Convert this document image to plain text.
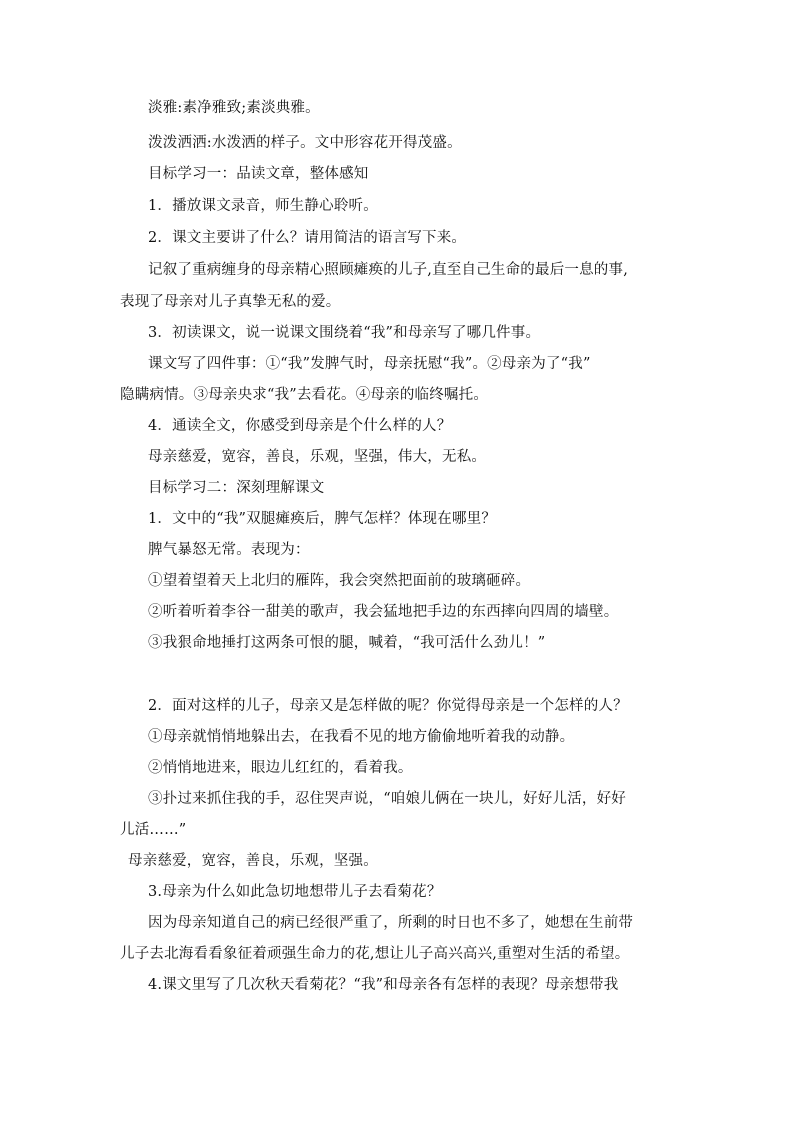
淡雅:素净雅致;素淡典雅。
泼泼洒洒:水泼洒的样子。文中形容花开得茂盛。
目标学习一：品读文章，整体感知
1．播放课文录音，师生静心聆听。
2．课文主要讲了什么？请用简洁的语言写下来。
记叙了重病缠身的母亲精心照顾瘫痪的儿子,直至自己生命的最后一息的事,
表现了母亲对儿子真挚无私的爱。
3．初读课文，说一说课文围绕着“我”和母亲写了哪几件事。
课文写了四件事：①“我”发脾气时，母亲抚慰“我”。②母亲为了“我”
隐瞒病情。③母亲央求“我”去看花。④母亲的临终嘱托。
4．通读全文，你感受到母亲是个什么样的人？
母亲慈爱，宽容，善良，乐观，坚强，伟大，无私。
目标学习二：深刻理解课文
1．文中的“我”双腿瘫痪后，脾气怎样？体现在哪里？
脾气暴怒无常。表现为：
①望着望着天上北归的雁阵，我会突然把面前的玻璃砸碎。
②听着听着李谷一甜美的歌声，我会猛地把手边的东西摔向四周的墙壁。
③我狠命地捶打这两条可恨的腿，喊着，“我可活什么劲儿！”
2．面对这样的儿子，母亲又是怎样做的呢？你觉得母亲是一个怎样的人？
①母亲就悄悄地躲出去，在我看不见的地方偷偷地听着我的动静。
②悄悄地进来，眼边儿红红的，看着我。
③扑过来抓住我的手，忍住哭声说，“咱娘儿俩在一块儿，好好儿活，好好
儿活……”
母亲慈爱，宽容，善良，乐观，坚强。
3.母亲为什么如此急切地想带儿子去看菊花？
因为母亲知道自己的病已经很严重了，所剩的时日也不多了，她想在生前带
儿子去北海看看象征着顽强生命力的花,想让儿子高兴高兴,重塑对生活的希望。
4.课文里写了几次秋天看菊花？“我”和母亲各有怎样的表现？母亲想带我
